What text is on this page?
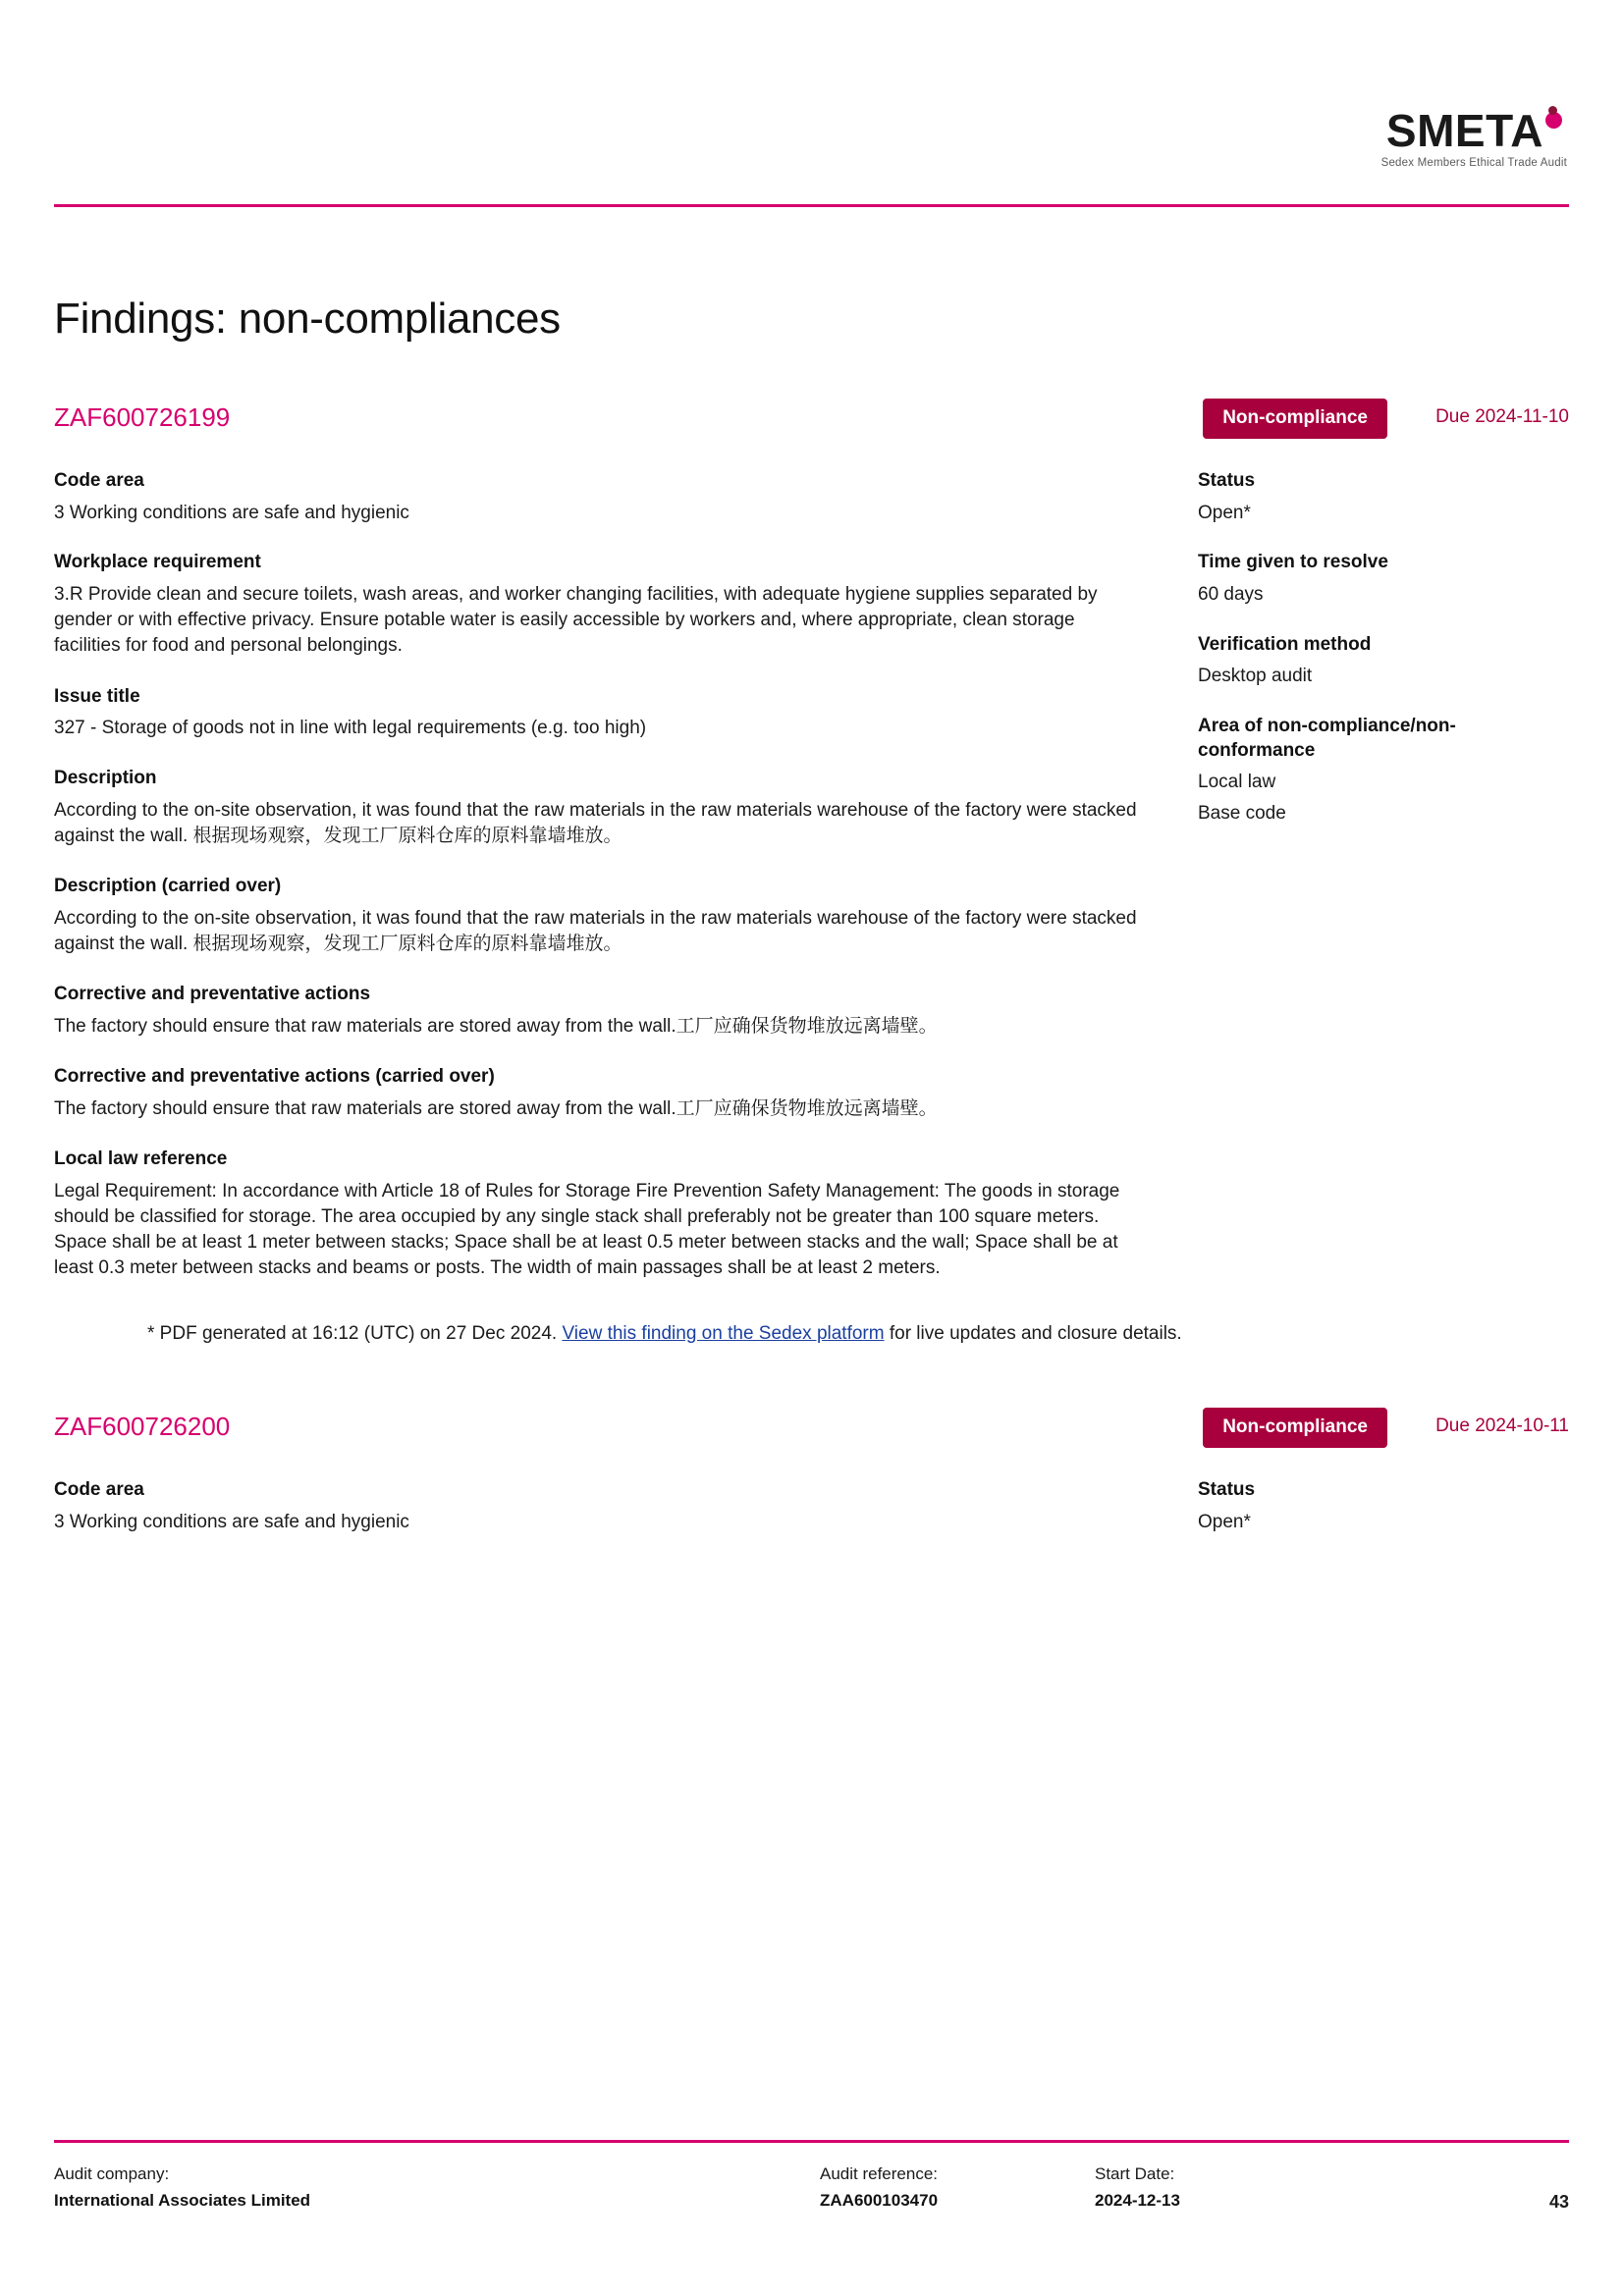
SMETA
Sedex Members Ethical Trade Audit
Findings: non-compliances
ZAF600726199	Non-compliance	Due 2024-11-10
Code area
3 Working conditions are safe and hygienic
Workplace requirement
3.R Provide clean and secure toilets, wash areas, and worker changing facilities, with adequate hygiene supplies separated by gender or with effective privacy. Ensure potable water is easily accessible by workers and, where appropriate, clean storage facilities for food and personal belongings.
Issue title
327 - Storage of goods not in line with legal requirements (e.g. too high)
Description
According to the on-site observation, it was found that the raw materials in the raw materials warehouse of the factory were stacked against the wall. 根据现场观察，发现工厂原料仓库的原料靠墙堆放。
Description (carried over)
According to the on-site observation, it was found that the raw materials in the raw materials warehouse of the factory were stacked against the wall. 根据现场观察，发现工厂原料仓库的原料靠墙堆放。
Corrective and preventative actions
The factory should ensure that raw materials are stored away from the wall.工厂应确保货物堆放远离墙壁。
Corrective and preventative actions (carried over)
The factory should ensure that raw materials are stored away from the wall.工厂应确保货物堆放远离墙壁。
Local law reference
Legal Requirement: In accordance with Article 18 of Rules for Storage Fire Prevention Safety Management: The goods in storage should be classified for storage. The area occupied by any single stack shall preferably not be greater than 100 square meters. Space shall be at least 1 meter between stacks; Space shall be at least 0.5 meter between stacks and the wall; Space shall be at least 0.3 meter between stacks and beams or posts. The width of main passages shall be at least 2 meters.
Status
Open*
Time given to resolve
60 days
Verification method
Desktop audit
Area of non-compliance/non-conformance
Local law
Base code
* PDF generated at 16:12 (UTC) on 27 Dec 2024. View this finding on the Sedex platform for live updates and closure details.
ZAF600726200	Non-compliance	Due 2024-10-11
Code area
3 Working conditions are safe and hygienic
Status
Open*
Audit company:
International Associates Limited
Audit reference:
ZAA600103470
Start Date:
2024-12-13	43
